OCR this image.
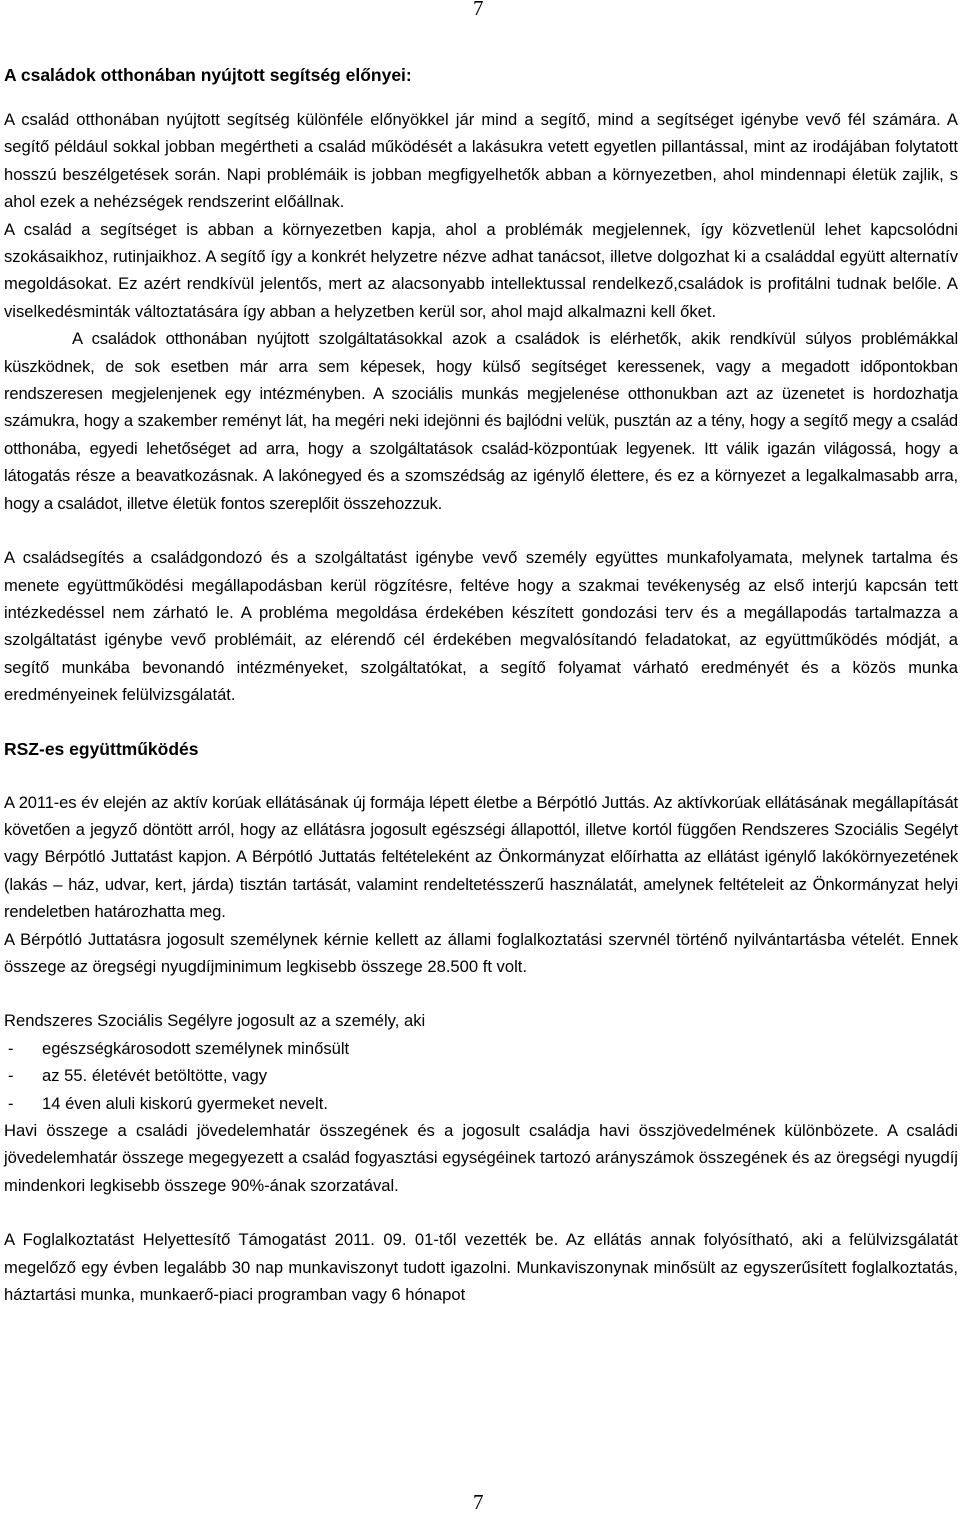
7
A családok otthonában nyújtott segítség előnyei:

A család otthonában nyújtott segítség különféle előnyökkel jár mind a segítő, mind a segítséget igénybe vevő fél számára. A segítő például sokkal jobban megértheti a család működését a lakásukra vetett egyetlen pillantással, mint az irodájában folytatott hosszú beszélgetések során. Napi problémáik is jobban megfigyelhetők abban a környezetben, ahol mindennapi életük zajlik, s ahol ezek a nehézségek rendszerint előállnak.

A család a segítséget is abban a környezetben kapja, ahol a problémák megjelennek, így közvetlenül lehet kapcsolódni szokásaikhoz, rutinjaikhoz. A segítő így a konkrét helyzetre nézve adhat tanácsot, illetve dolgozhat ki a családdal együtt alternatív megoldásokat. Ez azért rendkívül jelentős, mert az alacsonyabb intellektussal rendelkező,családok is profitálni tudnak belőle. A viselkedésminták változtatására így abban a helyzetben kerül sor, ahol majd alkalmazni kell őket.

A családok otthonában nyújtott szolgáltatásokkal azok a családok is elérhetők, akik rendkívül súlyos problémákkal küszködnek, de sok esetben már arra sem képesek, hogy külső segítséget keressenek, vagy a megadott időpontokban rendszeresen megjelenjenek egy intézményben. A szociális munkás megjelenése otthonukban azt az üzenetet is hordozhatja számukra, hogy a szakember reményt lát, ha megéri neki idejönni és bajlódni velük, pusztán az a tény, hogy a segítő megy a család otthonába, egyedi lehetőséget ad arra, hogy a szolgáltatások család-központúak legyenek. Itt válik igazán világossá, hogy a látogatás része a beavatkozásnak. A lakónegyed és a szomszédság az igénylő élettere, és ez a környezet a legalkalmasabb arra, hogy a családot, illetve életük fontos szereplőit összehozzuk.

A családsegítés a családgondozó és a szolgáltatást igénybe vevő személy együttes munkafolyamata, melynek tartalma és menete együttműködési megállapodásban kerül rögzítésre, feltéve hogy a szakmai tevékenység az első interjú kapcsán tett intézkedéssel nem zárható le. A probléma megoldása érdekében készített gondozási terv és a megállapodás tartalmazza a szolgáltatást igénybe vevő problémáit, az elérendő cél érdekében megvalósítandó feladatokat, az együttműködés módját, a segítő munkába bevonandó intézményeket, szolgáltatókat, a segítő folyamat várható eredményét és a közös munka eredményeinek felülvizsgálatát.

RSZ-es együttműködés

A 2011-es év elején az aktív korúak ellátásának új formája lépett életbe a Bérpótló Juttás. Az aktívkorúak ellátásának megállapítását követően a jegyző döntött arról, hogy az ellátásra jogosult egészségi állapottól, illetve kortól függően Rendszeres Szociális Segélyt vagy Bérpótló Juttatást kapjon. A Bérpótló Juttatás feltételeként az Önkormányzat előírhatta az ellátást igénylő lakókörnyezetének (lakás – ház, udvar, kert, járda) tisztán tartását, valamint rendeltetésszerű használatát, amelynek feltételeit az Önkormányzat helyi rendeletben határozhatta meg.

A Bérpótló Juttatásra jogosult személynek kérnie kellett az állami foglalkoztatási szervnél történő nyilvántartásba vételét. Ennek összege az öregségi nyugdíjminimum legkisebb összege 28.500 ft volt.

Rendszeres Szociális Segélyre jogosult az a személy, aki

- egészségkárosodott személynek minősült
- az 55. életévét betöltötte, vagy
- 14 éven aluli kiskorú gyermeket nevelt.

Havi összege a családi jövedelemhatár összegének és a jogosult családja havi összjövedelmének különbözete. A családi jövedelemhatár összege megegyezett a család fogyasztási egységéinek tartozó arányszámok összegének és az öregségi nyugdíj mindenkori legkisebb összege 90%-ának szorzatával.

A Foglalkoztatást Helyettesítő Támogatást 2011. 09. 01-től vezették be. Az ellátás annak folyósítható, aki a felülvizsgálatát megelőző egy évben legalább 30 nap munkaviszonyt tudott igazolni. Munkaviszonynak minősült az egyszerűsített foglalkoztatás, háztartási munka, munkaerő-piaci programban vagy 6 hónapot

7
